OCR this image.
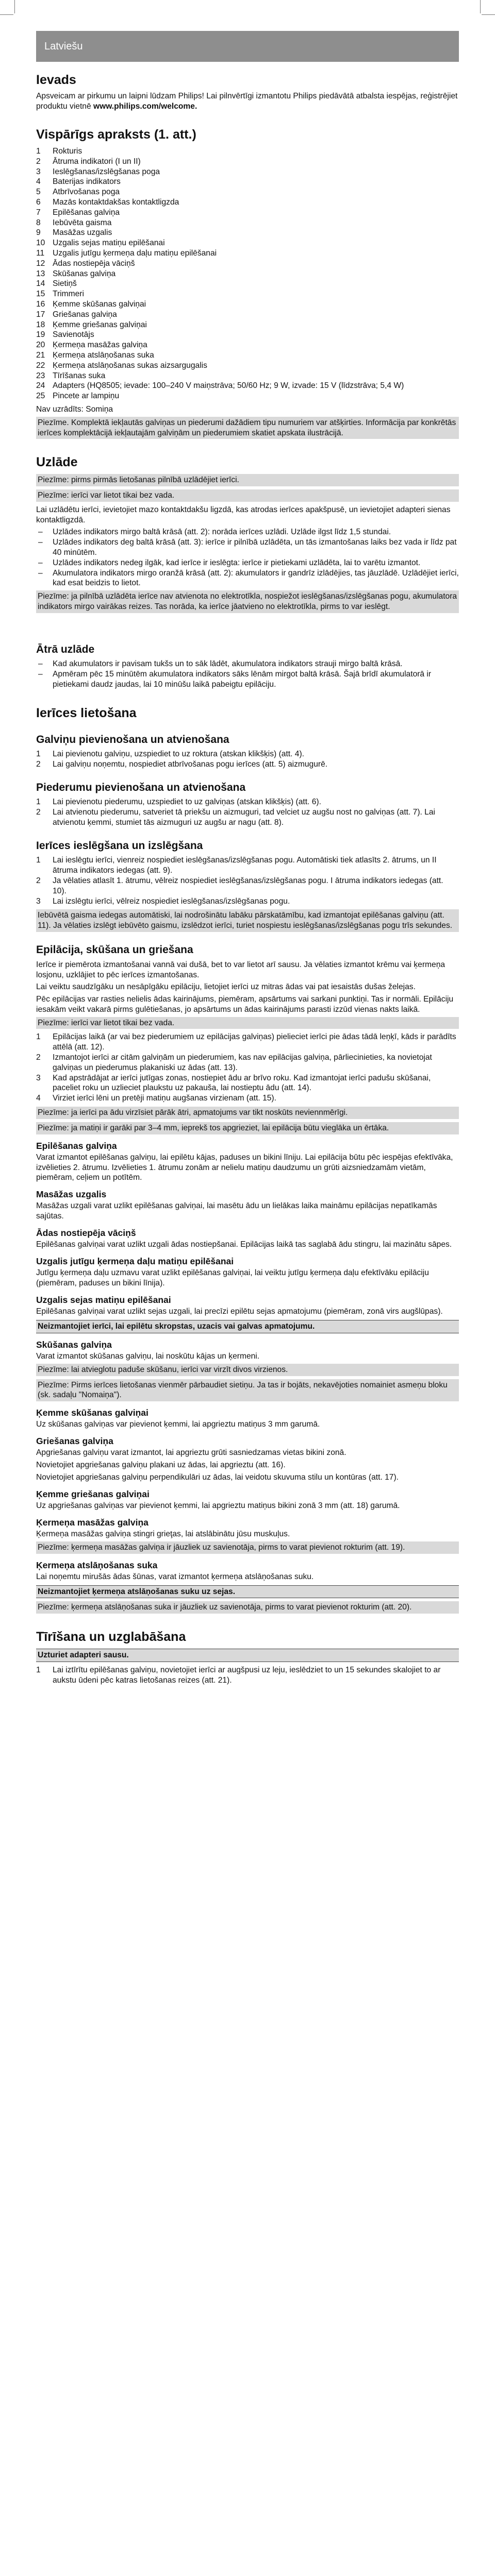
Latviešu
Ievads

Apsveicam ar pirkumu un laipni lūdzam Philips! Lai pilnvērtīgi izmantotu Philips piedāvātā atbalsta iespējas, reģistrējiet produktu vietnē www.philips.com/welcome.

Vispārīgs apraksts (1. att.)
1	Rokturis
2	Ātruma indikatori (I un II)
3	Ieslēgšanas/izslēgšanas poga
4	Baterijas indikators
5	Atbrīvošanas poga
6	Mazās kontaktdakšas kontaktligzda
7	Epilēšanas galviņa
8	Iebūvēta gaisma
9	Masāžas uzgalis
10 Uzgalis sejas matiņu epilēšanai
11	Uzgalis jutīgu ķermeņa daļu matiņu epilēšanai
12 Ādas nostiepēja vāciņš
13 Skūšanas galviņa
14 Sietiņš
15 Trimmeri
16 Ķemme skūšanas galviņai
17 Griešanas galviņa
18 Ķemme griešanas galviņai
19 Savienotājs
20 Ķermeņa masāžas galviņa
21 Ķermeņa atslāņošanas suka
22 Ķermeņa atslāņošanas sukas aizsargugalis
23 Tīrīšanas suka
24 Adapters (HQ8505; ievade: 100–240 V maiņstrāva; 50/60 Hz; 9 W, izvade: 15 V (līdzstrāva; 5,4 W)
25 Pincete ar lampiņu

Nav uzrādīts: Somiņa

Piezīme. Komplektā iekļautās galviņas un piederumi dažādiem tipu numuriem var atšķirties. Informācija par konkrētās ierīces komplektācijā iekļautajām galviņām un piederumiem skatiet apskata ilustrācijā.
Uzlāde
Piezīme: pirms pirmās lietošanas pilnībā uzlādējiet ierīci.
Piezīme: ierīci var lietot tikai bez vada.

Lai uzlādētu ierīci, ievietojiet mazo kontaktdakšu ligzdā, kas atrodas ierīces apakšpusē, un ievietojiet adapteri sienas kontaktligzdā.

–	Uzlādes indikators mirgo baltā krāsā (att. 2): norāda ierīces uzlādi. Uzlāde ilgst līdz 1,5 stundai.
–	Uzlādes indikators deg baltā krāsā (att. 3): ierīce ir pilnībā uzlādēta, un tās izmantošanas laiks bez vada ir līdz pat 40 minūtēm.
–	Uzlādes indikators nedeg ilgāk, kad ierīce ir ieslēgta: ierīce ir pietiekami uzlādēta, lai to varētu izmantot.
–	Akumulatora indikators mirgo oranžā krāsā (att. 2): akumulators ir gandrīz izlādējies, tas jāuzlādē. Uzlādējiet ierīci, kad esat beidzis to lietot.
Piezīme: ja pilnībā uzlādēta ierīce nav atvienota no elektrotīkla, nospiežot ieslēgšanas/izslēgšanas pogu, akumulatora indikators mirgo vairākas reizes. Tas norāda, ka ierīce jāatvieno no elektrotīkla, pirms to var ieslēgt.
Ātrā uzlāde
–	Kad akumulators ir pavisam tukšs un to sāk lādēt, akumulatora indikators strauji mirgo baltā krāsā.
–	Apmēram pēc 15 minūtēm akumulatora indikators sāks lēnām mirgot baltā krāsā. Šajā brīdī akumulatorā ir pietiekami daudz jaudas, lai 10 minūšu laikā pabeigtu epilāciju.
Ierīces lietošana
Galviņu pievienošana un atvienošana
1	Lai pievienotu galviņu, uzspiediet to uz roktura (atskan klikšķis) (att. 4).
2	Lai galviņu noņemtu, nospiediet atbrīvošanas pogu ierīces (att. 5) aizmugurē.
Piederumu pievienošana un atvienošana
1	Lai pievienotu piederumu, uzspiediet to uz galviņas (atskan klikšķis) (att. 6).
2	Lai atvienotu piederumu, satveriet tā priekšu un aizmuguri, tad velciet uz augšu nost no galviņas (att. 7). Lai atvienotu ķemmi, stumiet tās aizmuguri uz augšu ar nagu (att. 8).
Ierīces ieslēgšana un izslēgšana
1	Lai ieslēgtu ierīci, vienreiz nospiediet ieslēgšanas/izslēgšanas pogu. Automātiski tiek atlasīts 2. ātrums, un II ātruma indikators iedegas (att. 9).
2	Ja vēlaties atlasīt 1. ātrumu, vēlreiz nospiediet ieslēgšanas/izslēgšanas pogu. I ātruma indikators iedegas (att. 10).
3	Lai izslēgtu ierīci, vēlreiz nospiediet ieslēgšanas/izslēgšanas pogu.
Iebūvētā gaisma iedegas automātiski, lai nodrošinātu labāku pārskatāmību, kad izmantojat epilēšanas galviņu (att. 11). Ja vēlaties izslēgt iebūvēto gaismu, izslēdzot ierīci, turiet nospiestu ieslēgšanas/izslēgšanas pogu trīs sekundes.
Epilācija, skūšana un griešana

Ierīce ir piemērota izmantošanai vannā vai dušā, bet to var lietot arī sausu. Ja vēlaties izmantot krēmu vai ķermeņa losjonu, uzklājiet to pēc ierīces izmantošanas.

Lai veiktu saudzīgāku un nesāpīgāku epilāciju, lietojiet ierīci uz mitras ādas vai pat iesaistās dušas želejas.

Pēc epilācijas var rasties nelielis ādas kairinājums, piemēram, apsārtums vai sarkani punktiņi. Tas ir normāli. Epilāciju iesakām veikt vakarā pirms gulētiešanas, jo apsārtums un ādas kairinājums parasti izzūd vienas nakts laikā.

Piezīme: ierīci var lietot tikai bez vada.
1	Epilācijas laikā (ar vai bez piederumiem uz epilācijas galviņas) pielieciet ierīci pie ādas tādā leņķī, kāds ir parādīts attēlā (att. 12).
2	Izmantojot ierīci ar citām galviņām un piederumiem, kas nav epilācijas galviņa, pārliecinieties, ka novietojat galviņas un piederumus plakaniski uz ādas (att. 13).
3	Kad apstrādājat ar ierīci jutīgas zonas, nostiepiet ādu ar brīvo roku. Kad izmantojat ierīci padušu skūšanai, paceliet roku un uzlieciet plaukstu uz pakauša, lai nostieptu ādu (att. 14).
4	Virziet ierīci lēni un pretēji matiņu augšanas virzienam (att. 15).
Piezīme: ja ierīci pa ādu virzīsiet pārāk ātri, apmatojums var tikt noskūts neviennmērīgi.
Piezīme: ja matiņi ir garāki par 3–4 mm, ieprekš tos apgrieziet, lai epilācija būtu vieglāka un ērtāka.
Epilēšanas galviņa

Varat izmantot epilēšanas galviņu, lai epilētu kājas, paduses un bikini līniju. Lai epilācija būtu pēc iespējas efektīvāka, izvēlieties 2. ātrumu. Izvēlieties 1. ātrumu zonām ar nelielu matiņu daudzumu un grūti aizsniedzamām vietām, piemēram, ceļiem un potītēm.

Masāžas uzgalis

Masāžas uzgali varat uzlikt epilēšanas galviņai, lai masētu ādu un lielākas laika maināmu epilācijas nepatīkamās sajūtas.

Ādas nostiepēja vāciņš

Epilēšanas galviņai varat uzlikt uzgali ādas nostiepšanai. Epilācijas laikā tas saglabā ādu stingru, lai mazinātu sāpes.

Uzgalis jutīgu ķermeņa daļu matiņu epilēšanai

Jutīgu ķermeņa daļu uzmavu varat uzlikt epilēšanas galviņai, lai veiktu jutīgu ķermeņa daļu efektīvāku epilāciju (piemēram, paduses un bikini līnija).

Uzgalis sejas matiņu epilēšanai

Epilēšanas galviņai varat uzlikt sejas uzgali, lai precīzi epilētu sejas apmatojumu (piemēram, zonā virs augšlūpas).

Neizmantojiet ierīci, lai epilētu skropstas, uzacis vai galvas apmatojumu.
Skūšanas galviņa

Varat izmantot skūšanas galviņu, lai noskūtu kājas un ķermeni.

Piezīme: lai atvieglotu paduše skūšanu, ierīci var virzīt divos virzienos.
Piezīme: Pirms ierīces lietošanas vienmēr pārbaudiet sietiņu. Ja tas ir bojāts, nekavējoties nomainiet asmeņu bloku (sk. sadaļu "Nomaiņa").
Ķemme skūšanas galviņai

Uz skūšanas galviņas var pievienot ķemmi, lai apgrieztu matiņus 3 mm garumā.

Griešanas galviņa

Apgriešanas galviņu varat izmantot, lai apgrieztu grūti sasniedzamas vietas bikini zonā.

Novietojiet apgriešanas galviņu plakani uz ādas, lai apgrieztu (att. 16).

Novietojiet apgriešanas galviņu perpendikulāri uz ādas, lai veidotu skuvuma stilu un kontūras (att. 17).

Ķemme griešanas galviņai

Uz apgriešanas galviņas var pievienot ķemmi, lai apgrieztu matiņus bikini zonā 3 mm (att. 18) garumā.

Ķermeņa masāžas galviņa

Ķermeņa masāžas galviņa stingri grieţas, lai atslābinātu jūsu muskuļus.

Piezīme: ķermeņa masāžas galviņa ir jāuzliek uz savienotāja, pirms to varat pievienot rokturim (att. 19).
Ķermeņa atslāņošanas suka

Lai noņemtu mirušās ādas šūnas, varat izmantot ķermeņa atslāņošanas suku.

Neizmantojiet ķermeņa atslāņošanas suku uz sejas.
Piezīme: ķermeņa atslāņošanas suka ir jāuzliek uz savienotāja, pirms to varat pievienot rokturim (att. 20).
Tīrīšana un uzglabāšana
Uzturiet adapteri sausu.
1	Lai iztīrītu epilēšanas galviņu, novietojiet ierīci ar augšpusi uz leju, ieslēdziet to un 15 sekundes skalojiet to ar aukstu ūdeni pēc katras lietošanas reizes (att. 21).
